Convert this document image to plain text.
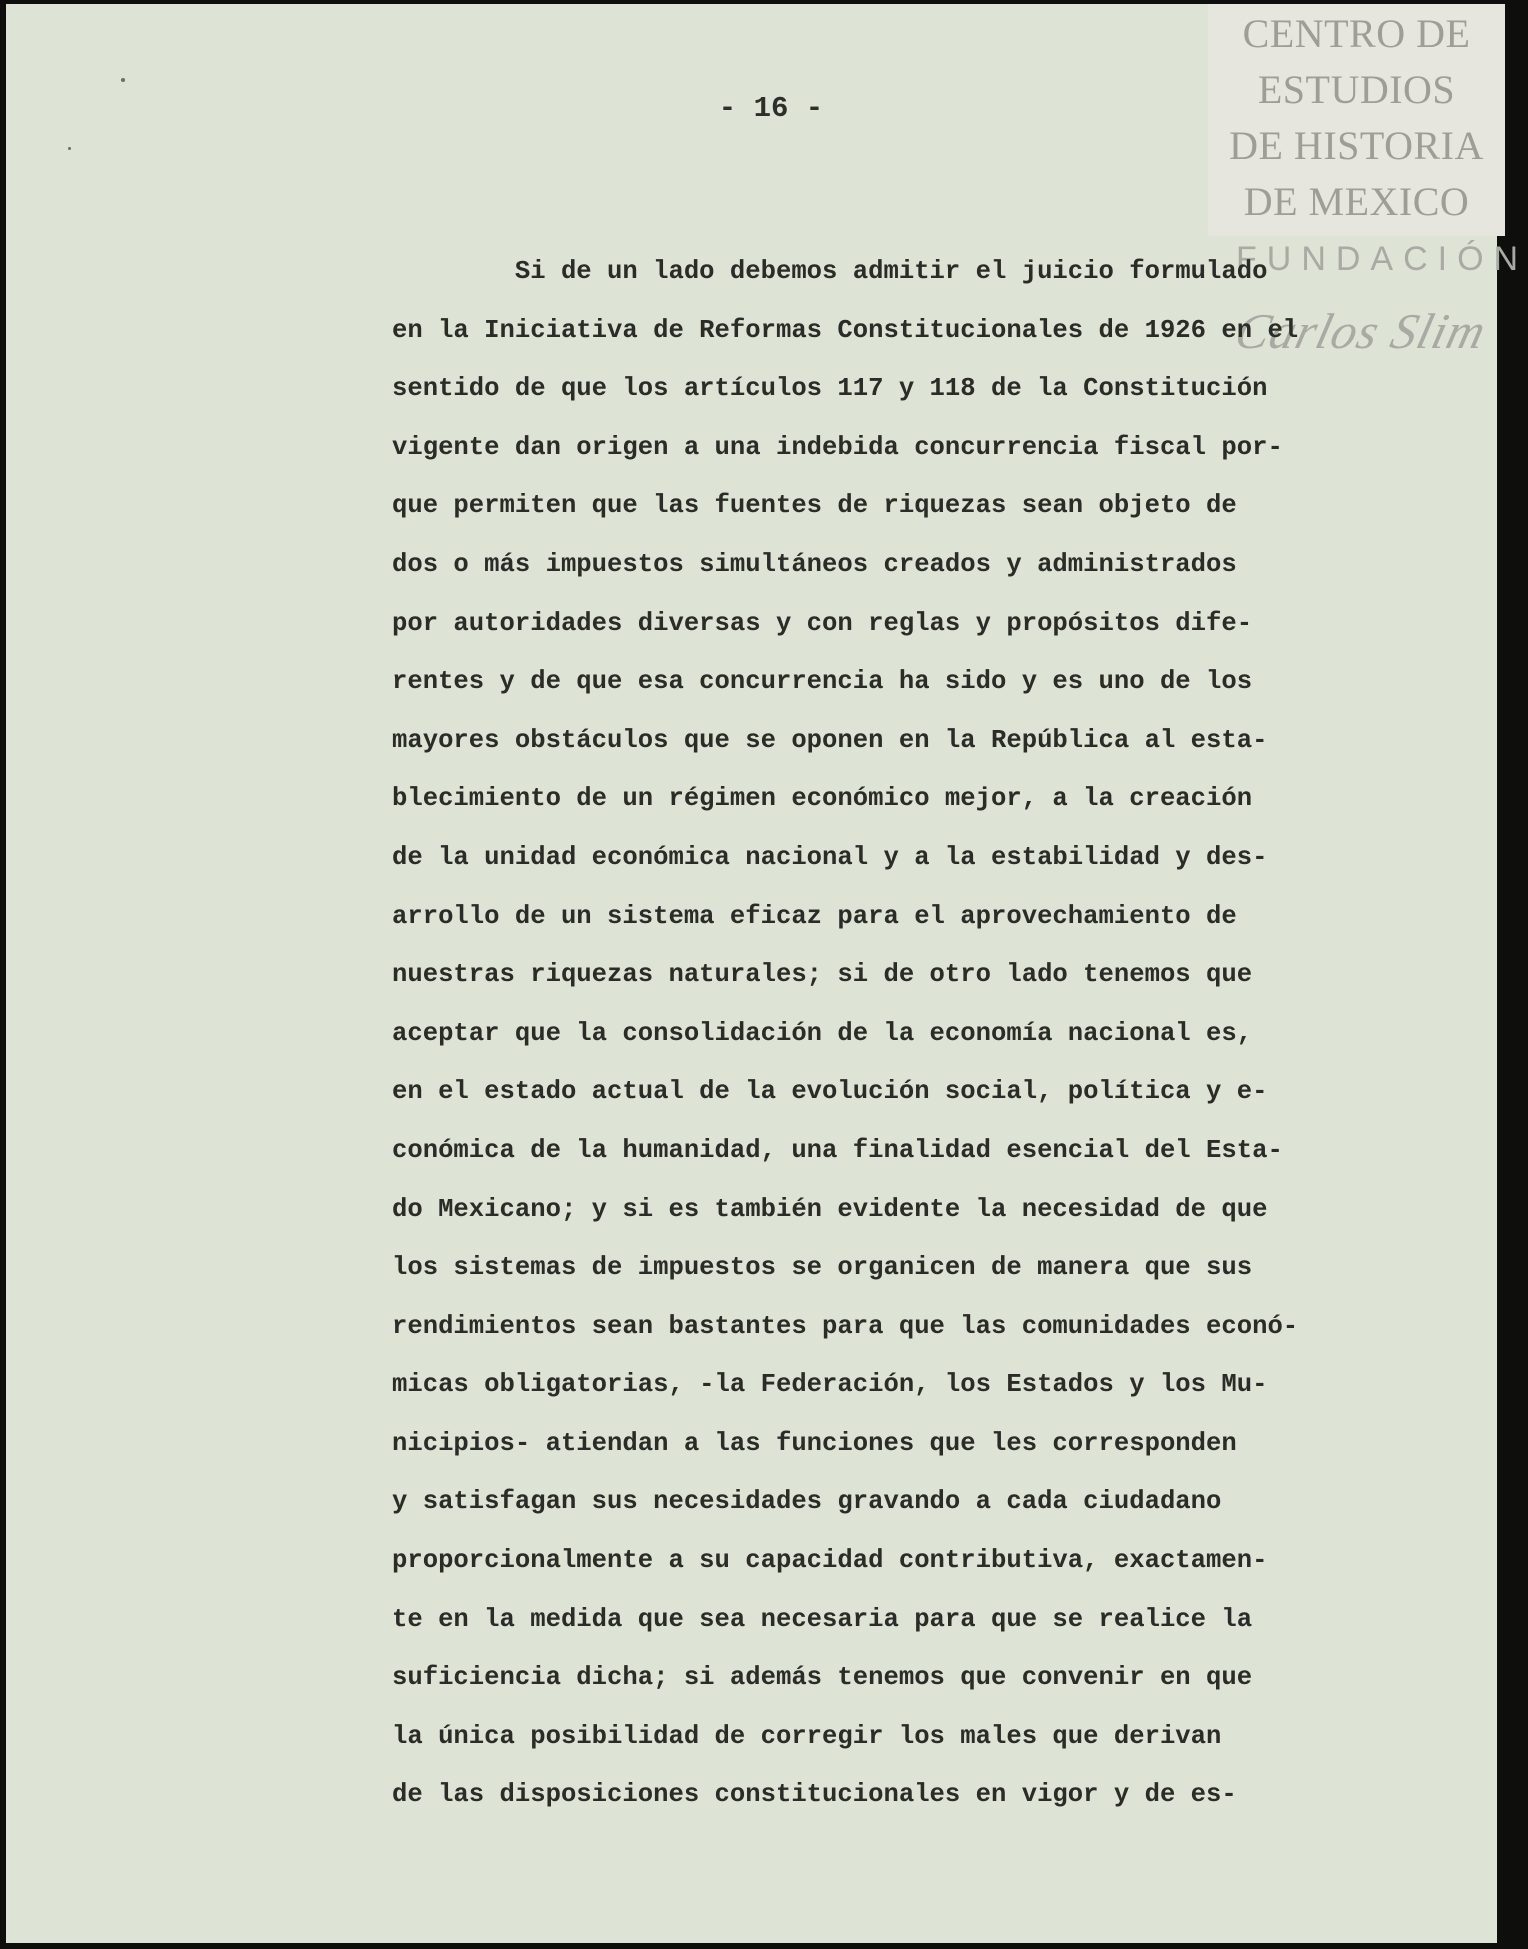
CENTRO DE
ESTUDIOS
DE HISTORIA
DE MEXICO
FUNDACIÓN
Carlos Slim
- 16 -
Si de un lado debemos admitir el juicio formulado
en la Iniciativa de Reformas Constitucionales de 1926 en el
sentido de que los artículos 117 y 118 de la Constitución
vigente dan origen a una indebida concurrencia fiscal por-
que permiten que las fuentes de riquezas sean objeto de
dos o más impuestos simultáneos creados y administrados
por autoridades diversas y con reglas y propósitos dife-
rentes y de que esa concurrencia ha sido y es uno de los
mayores obstáculos que se oponen en la República al esta-
blecimiento de un régimen económico mejor, a la creación
de la unidad económica nacional y a la estabilidad y des-
arrollo de un sistema eficaz para el aprovechamiento de
nuestras riquezas naturales; si de otro lado tenemos que
aceptar que la consolidación de la economía nacional es,
en el estado actual de la evolución social, política y e-
conómica de la humanidad, una finalidad esencial del Esta-
do Mexicano; y si es también evidente la necesidad de que
los sistemas de impuestos se organicen de manera que sus
rendimientos sean bastantes para que las comunidades econó-
micas obligatorias, -la Federación, los Estados y los Mu-
nicipios- atiendan a las funciones que les corresponden
y satisfagan sus necesidades gravando a cada ciudadano
proporcionalmente a su capacidad contributiva, exactamen-
te en la medida que sea necesaria para que se realice la
suficiencia dicha; si además tenemos que convenir en que
la única posibilidad de corregir los males que derivan
de las disposiciones constitucionales en vigor y de es-
